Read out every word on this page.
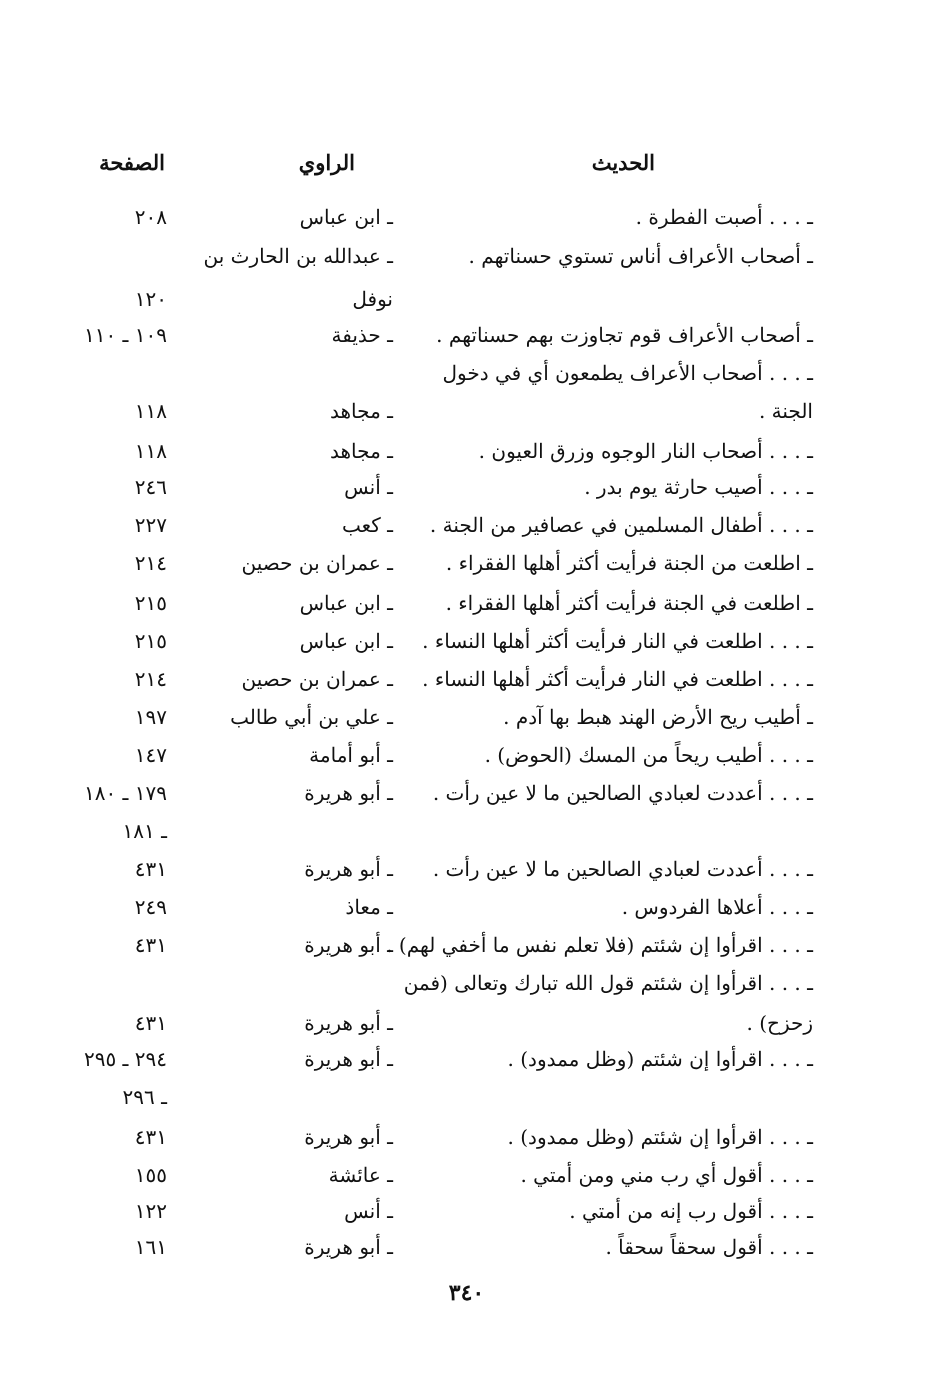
الحديث
الراوي
الصفحة
ـ . . . أصبت الفطرة .
ـ ابن عباس
٢٠٨
ـ أصحاب الأعراف أناس تستوي حسناتهم .
ـ عبدالله بن الحارث بن
نوفل
١٢٠
ـ أصحاب الأعراف قوم تجاوزت بهم حسناتهم .
ـ حذيفة
١٠٩ ـ ١١٠
ـ . . . أصحاب الأعراف يطمعون أي في دخول
الجنة .
ـ مجاهد
١١٨
ـ . . . أصحاب النار الوجوه وزرق العيون .
ـ مجاهد
١١٨
ـ . . . أصيب حارثة يوم بدر .
ـ أنس
٢٤٦
ـ . . . أطفال المسلمين في عصافير من الجنة .
ـ كعب
٢٢٧
ـ اطلعت من الجنة فرأيت أكثر أهلها الفقراء .
ـ عمران بن حصين
٢١٤
ـ اطلعت في الجنة فرأيت أكثر أهلها الفقراء .
ـ ابن عباس
٢١٥
ـ . . . اطلعت في النار فرأيت أكثر أهلها النساء .
ـ ابن عباس
٢١٥
ـ . . . اطلعت في النار فرأيت أكثر أهلها النساء .
ـ عمران بن حصين
٢١٤
ـ أطيب ريح الأرض الهند هبط بها آدم .
ـ علي بن أبي طالب
١٩٧
ـ . . . أطيب ريحاً من المسك (الحوض) .
ـ أبو أمامة
١٤٧
ـ . . . أعددت لعبادي الصالحين ما لا عين رأت .
ـ أبو هريرة
١٧٩ ـ ١٨٠
ـ ١٨١
ـ . . . أعددت لعبادي الصالحين ما لا عين رأت .
ـ أبو هريرة
٤٣١
ـ . . . أعلاها الفردوس .
ـ معاذ
٢٤٩
ـ . . . اقرأوا إن شئتم (فلا تعلم نفس ما أخفي لهم) .
ـ أبو هريرة
٤٣١
ـ . . . اقرأوا إن شئتم قول الله تبارك وتعالى (فمن
زحزح) .
ـ أبو هريرة
٤٣١
ـ . . . اقرأوا إن شئتم (وظل ممدود) .
ـ أبو هريرة
٢٩٤ ـ ٢٩٥
ـ ٢٩٦
ـ . . . اقرأوا إن شئتم (وظل ممدود) .
ـ أبو هريرة
٤٣١
ـ . . . أقول أي رب مني ومن أمتي .
ـ عائشة
١٥٥
ـ . . . أقول رب إنه من أمتي .
ـ أنس
١٢٢
ـ . . . أقول سحقاً سحقاً .
ـ أبو هريرة
١٦١
٣٤٠
